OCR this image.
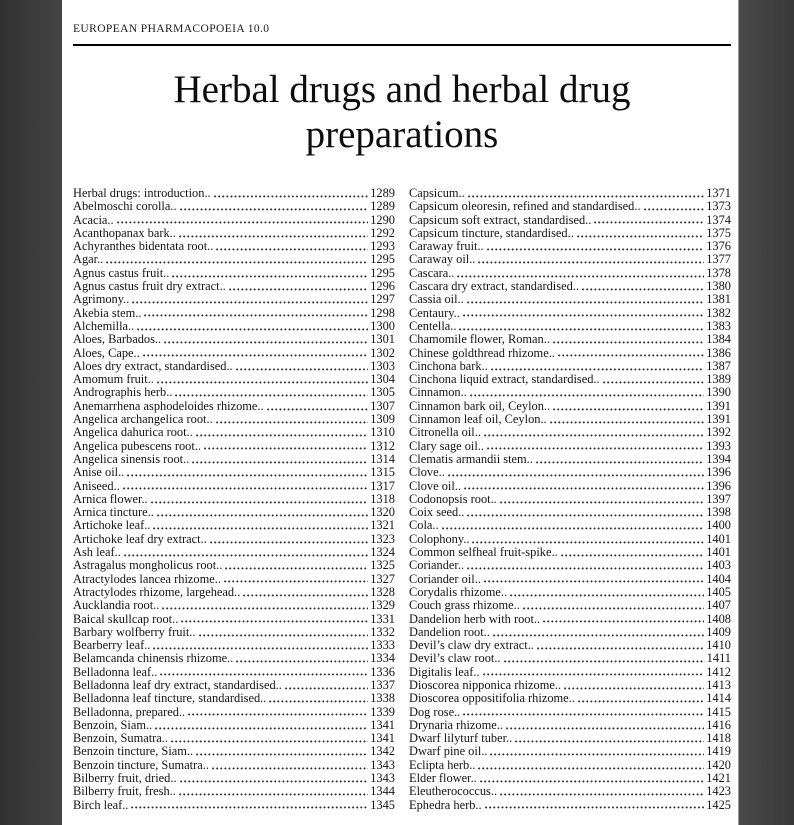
EUROPEAN PHARMACOPOEIA 10.0
Herbal drugs and herbal drug
preparations
Herbal drugs: introduction..	1289
Abelmoschi corolla..	1289
Acacia..	1290
Acanthopanax bark..	1292
Achyranthes bidentata root..	1293
Agar..	1295
Agnus castus fruit..	1295
Agnus castus fruit dry extract..	1296
Agrimony..	1297
Akebia stem..	1298
Alchemilla..	1300
Aloes, Barbados..	1301
Aloes, Cape..	1302
Aloes dry extract, standardised..	1303
Amomum fruit..	1304
Andrographis herb..	1305
Anemarrhena asphodeloides rhizome..	1307
Angelica archangelica root..	1309
Angelica dahurica root..	1310
Angelica pubescens root..	1312
Angelica sinensis root..	1314
Anise oil..	1315
Aniseed..	1317
Arnica flower..	1318
Arnica tincture..	1320
Artichoke leaf..	1321
Artichoke leaf dry extract..	1323
Ash leaf..	1324
Astragalus mongholicus root..	1325
Atractylodes lancea rhizome..	1327
Atractylodes rhizome, largehead..	1328
Aucklandia root..	1329
Baical skullcap root..	1331
Barbary wolfberry fruit..	1332
Bearberry leaf..	1333
Belamcanda chinensis rhizome..	1334
Belladonna leaf..	1336
Belladonna leaf dry extract, standardised..	1337
Belladonna leaf tincture, standardised..	1338
Belladonna, prepared..	1339
Benzoin, Siam..	1341
Benzoin, Sumatra..	1341
Benzoin tincture, Siam..	1342
Benzoin tincture, Sumatra..	1343
Bilberry fruit, dried..	1343
Bilberry fruit, fresh..	1344
Birch leaf..	1345
Capsicum..	1371
Capsicum oleoresin, refined and standardised..	1373
Capsicum soft extract, standardised..	1374
Capsicum tincture, standardised..	1375
Caraway fruit..	1376
Caraway oil..	1377
Cascara..	1378
Cascara dry extract, standardised..	1380
Cassia oil..	1381
Centaury..	1382
Centella..	1383
Chamomile flower, Roman..	1384
Chinese goldthread rhizome..	1386
Cinchona bark..	1387
Cinchona liquid extract, standardised..	1389
Cinnamon..	1390
Cinnamon bark oil, Ceylon..	1391
Cinnamon leaf oil, Ceylon..	1391
Citronella oil..	1392
Clary sage oil..	1393
Clematis armandii stem..	1394
Clove..	1396
Clove oil..	1396
Codonopsis root..	1397
Coix seed..	1398
Cola..	1400
Colophony..	1401
Common selfheal fruit-spike..	1401
Coriander..	1403
Coriander oil..	1404
Corydalis rhizome..	1405
Couch grass rhizome..	1407
Dandelion herb with root..	1408
Dandelion root..	1409
Devil’s claw dry extract..	1410
Devil’s claw root..	1411
Digitalis leaf..	1412
Dioscorea nipponica rhizome..	1413
Dioscorea oppositifolia rhizome..	1414
Dog rose..	1415
Drynaria rhizome..	1416
Dwarf lilyturf tuber..	1418
Dwarf pine oil..	1419
Eclipta herb..	1420
Elder flower..	1421
Eleutherococcus..	1423
Ephedra herb..	1425
